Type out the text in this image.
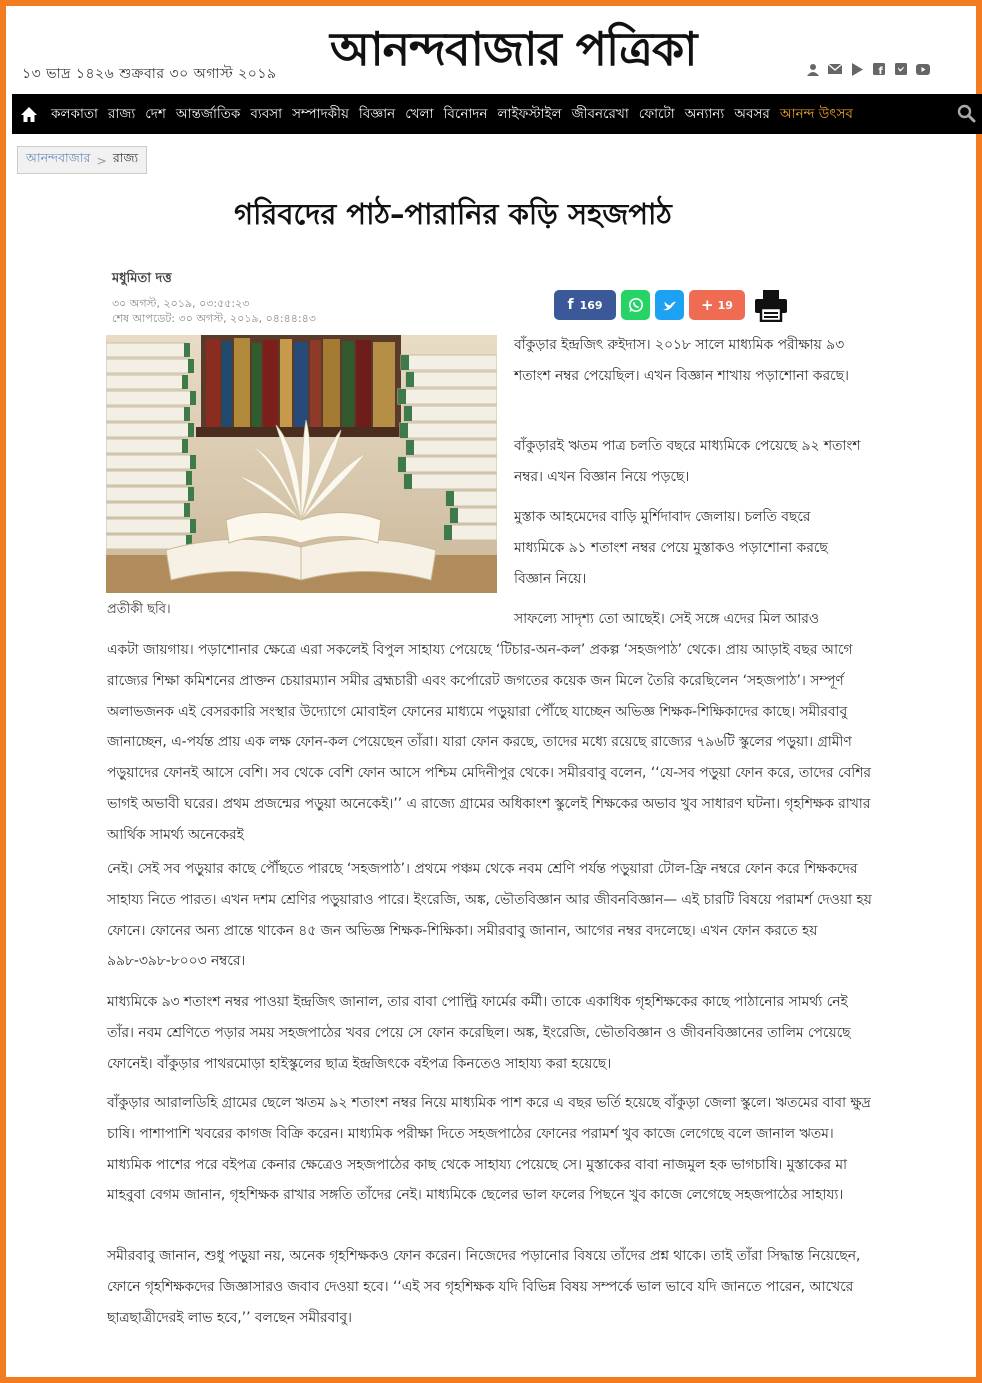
১৩ ভাদ্র ১৪২৬ শুক্রবার ৩০ অগাস্ট ২০১৯ আনন্দবাজার পত্রিকা	f
কলকাতা রাজ্য দেশ আন্তর্জাতিক ব্যবসা সম্পাদকীয় বিজ্ঞান খেলা বিনোদন লাইফস্টাইল জীবনরেখা ফোটো অন্যান্য অবসর আনন্দ উৎসব
আনন্দবাজার > রাজ্য
গরিবদের পাঠ–পারানির কড়ি সহজপাঠ
মধুমিতা দত্ত
৩০ অগস্ট, ২০১৯, ০৩:৫৫:২৩
শেষ আপডেট: ৩০ অগস্ট, ২০১৯, ০৪:৪৪:৪৩
f 169	+ 19
প্রতীকী ছবি।

বাঁকুড়ার ইন্দ্রজিৎ রুইদাস। ২০১৮ সালে মাধ্যমিক পরীক্ষায় ৯৩ শতাংশ নম্বর পেয়েছিল। এখন বিজ্ঞান শাখায় পড়াশোনা করছে।

বাঁকুড়ারই ঋতম পাত্র চলতি বছরে মাধ্যমিকে পেয়েছে ৯২ শতাংশ নম্বর। এখন বিজ্ঞান নিয়ে পড়ছে।

মুস্তাক আহমেদের বাড়ি মুর্শিদাবাদ জেলায়। চলতি বছরে মাধ্যমিকে ৯১ শতাংশ নম্বর পেয়ে মুস্তাকও পড়াশোনা করছে বিজ্ঞান নিয়ে।

সাফল্যে সাদৃশ্য তো আছেই। সেই সঙ্গে এদের মিল আরও

একটা জায়গায়। পড়াশোনার ক্ষেত্রে এরা সকলেই বিপুল সাহায্য পেয়েছে ‘টিচার-অন-কল’ প্রকল্প ‘সহজপাঠ’ থেকে। প্রায় আড়াই বছর আগে রাজ্যের শিক্ষা কমিশনের প্রাক্তন চেয়ারম্যান সমীর ব্রহ্মচারী এবং কর্পোরেট জগতের কয়েক জন মিলে তৈরি করেছিলেন ‘সহজপাঠ’। সম্পূর্ণ অলাভজনক এই বেসরকারি সংস্থার উদ্যোগে মোবাইল ফোনের মাধ্যমে পড়ুয়ারা পৌঁছে যাচ্ছেন অভিজ্ঞ শিক্ষক-শিক্ষিকাদের কাছে। সমীরবাবু জানাচ্ছেন, এ-পর্যন্ত প্রায় এক লক্ষ ফোন-কল পেয়েছেন তাঁরা। যারা ফোন করছে, তাদের মধ্যে রয়েছে রাজ্যের ৭৯৬টি স্কুলের পড়ুয়া। গ্রামীণ পড়ুয়াদের ফোনই আসে বেশি। সব থেকে বেশি ফোন আসে পশ্চিম মেদিনীপুর থেকে। সমীরবাবু বলেন, ‘‘যে-সব পড়ুয়া ফোন করে, তাদের বেশির ভাগই অভাবী ঘরের। প্রথম প্রজন্মের পড়ুয়া অনেকেই।’’ এ রাজ্যে গ্রামের অধিকাংশ স্কুলেই শিক্ষকের অভাব খুব সাধারণ ঘটনা। গৃহশিক্ষক রাখার আর্থিক সামর্থ্য অনেকেরই

নেই। সেই সব পড়ুয়ার কাছে পৌঁছতে পারছে ‘সহজপাঠ’। প্রথমে পঞ্চম থেকে নবম শ্রেণি পর্যন্ত পড়ুয়ারা টোল-ফ্রি নম্বরে ফোন করে শিক্ষকদের সাহায্য নিতে পারত। এখন দশম শ্রেণির পড়ুয়ারাও পারে। ইংরেজি, অঙ্ক, ভৌতবিজ্ঞান আর জীবনবিজ্ঞান— এই চারটি বিষয়ে পরামর্শ দেওয়া হয় ফোনে। ফোনের অন্য প্রান্তে থাকেন ৪৫ জন অভিজ্ঞ শিক্ষক-শিক্ষিকা। সমীরবাবু জানান, আগের নম্বর বদলেছে। এখন ফোন করতে হয় ৯৯৮-৩৯৮-৮০০৩ নম্বরে।

মাধ্যমিকে ৯৩ শতাংশ নম্বর পাওয়া ইন্দ্রজিৎ জানাল, তার বাবা পোল্ট্রি ফার্মের কর্মী। তাকে একাধিক গৃহশিক্ষকের কাছে পাঠানোর সামর্থ্য নেই তাঁর। নবম শ্রেণিতে পড়ার সময় সহজপাঠের খবর পেয়ে সে ফোন করেছিল। অঙ্ক, ইংরেজি, ভৌতবিজ্ঞান ও জীবনবিজ্ঞানের তালিম পেয়েছে ফোনেই। বাঁকুড়ার পাথরমোড়া হাইস্কুলের ছাত্র ইন্দ্রজিৎকে বইপত্র কিনতেও সাহায্য করা হয়েছে।

বাঁকুড়ার আরালডিহি গ্রামের ছেলে ঋতম ৯২ শতাংশ নম্বর নিয়ে মাধ্যমিক পাশ করে এ বছর ভর্তি হয়েছে বাঁকুড়া জেলা স্কুলে। ঋতমের বাবা ক্ষুদ্র চাষি। পাশাপাশি খবরের কাগজ বিক্রি করেন। মাধ্যমিক পরীক্ষা দিতে সহজপাঠের ফোনের পরামর্শ খুব কাজে লেগেছে বলে জানাল ঋতম। মাধ্যমিক পাশের পরে বইপত্র কেনার ক্ষেত্রেও সহজপাঠের কাছ থেকে সাহায্য পেয়েছে সে। মুস্তাকের বাবা নাজমুল হক ভাগচাষি। মুস্তাকের মা মাহবুবা বেগম জানান, গৃহশিক্ষক রাখার সঙ্গতি তাঁদের নেই। মাধ্যমিকে ছেলের ভাল ফলের পিছনে খুব কাজে লেগেছে সহজপাঠের সাহায্য।

সমীরবাবু জানান, শুধু পড়ুয়া নয়, অনেক গৃহশিক্ষকও ফোন করেন। নিজেদের পড়ানোর বিষয়ে তাঁদের প্রশ্ন থাকে। তাই তাঁরা সিদ্ধান্ত নিয়েছেন, ফোনে গৃহশিক্ষকদের জিজ্ঞাসারও জবাব দেওয়া হবে। ‘‘এই সব গৃহশিক্ষক যদি বিভিন্ন বিষয় সম্পর্কে ভাল ভাবে যদি জানতে পারেন, আখেরে ছাত্রছাত্রীদেরই লাভ হবে,’’ বলছেন সমীরবাবু।
